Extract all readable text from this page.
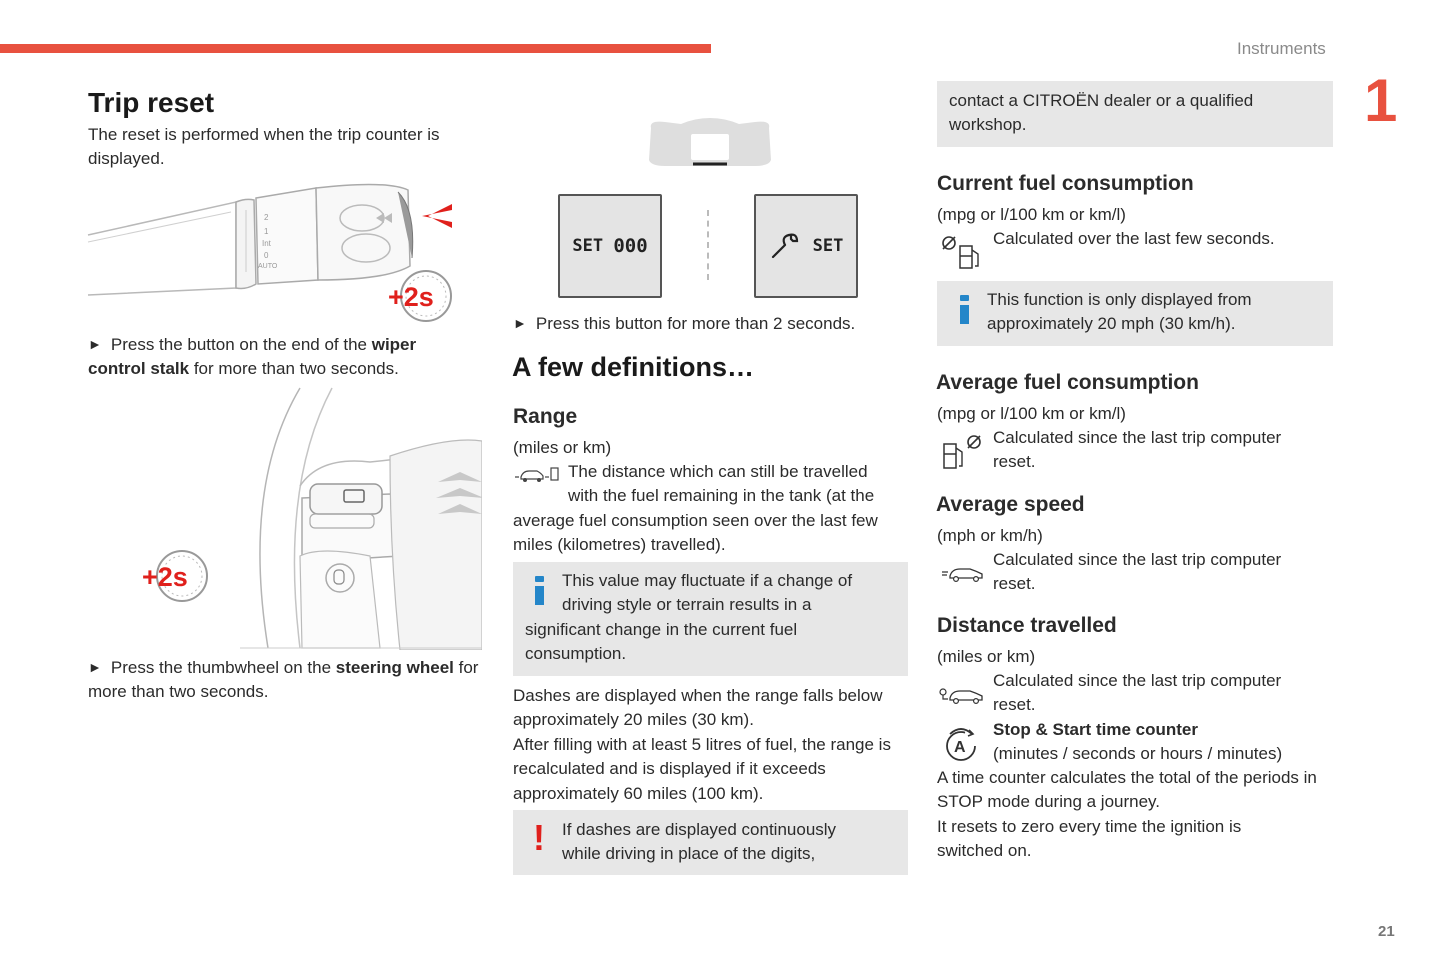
Instruments
1
21
Trip reset
The reset is performed when the trip counter is displayed.
2
1
Int
0
AUTO
+2s
► Press the button on the end of the wiper control stalk for more than two seconds.
+2s
► Press the thumbwheel on the steering wheel for more than two seconds.
SET
000	SET
► Press this button for more than 2 seconds.
A few definitions…
Range
(miles or km)
The distance which can still be travelled
with the fuel remaining in the tank (at the
average fuel consumption seen over the last few miles (kilometres) travelled).
This value may fluctuate if a change of
driving style or terrain results in a
significant change in the current fuel consumption.
Dashes are displayed when the range falls below approximately 20 miles (30 km).
After filling with at least 5 litres of fuel, the range is recalculated and is displayed if it exceeds approximately 60 miles (100 km).
! If dashes are displayed continuously
while driving in place of the digits,
contact a CITROËN dealer or a qualified workshop.
Current fuel consumption
(mpg or l/100 km or km/l)
Calculated over the last few seconds.
This function is only displayed from approximately 20 mph (30 km/h).
Average fuel consumption
(mpg or l/100 km or km/l)
Calculated since the last trip computer reset.
Average speed
(mph or km/h)
Calculated since the last trip computer reset.
Distance travelled
(miles or km)
Calculated since the last trip computer reset.
A
Stop & Start time counter
(minutes / seconds or hours / minutes)
A time counter calculates the total of the periods in STOP mode during a journey.
It resets to zero every time the ignition is switched on.
